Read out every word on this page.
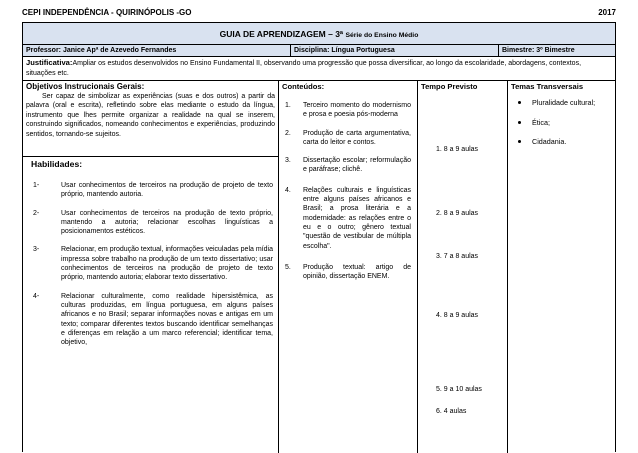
CEPI INDEPENDÊNCIA - QUIRINÓPOLIS -GO	2017
GUIA DE APRENDIZAGEM – 3ª Série do Ensino Médio
Professor: Janice Apª de Azevedo Fernandes	Disciplina: Língua Portuguesa	Bimestre: 3º Bimestre
Justificativa:Ampliar os estudos desenvolvidos no Ensino Fundamental II, observando uma progressão que possa diversificar, ao longo da escolaridade, abordagens, contextos, situações etc.
Objetivos Instrucionais Gerais:
Ser capaz de simbolizar as experiências (suas e dos outros) a partir da palavra (oral e escrita), refletindo sobre elas mediante o estudo da língua, instrumento que lhes permite organizar a realidade na qual se inserem, construindo significados, nomeando conhecimentos e experiências, produzindo sentidos, tornando-se sujeitos.
Habilidades:
1-	Usar conhecimentos de terceiros na produção de projeto de texto próprio, mantendo autoria.
2-	Usar conhecimentos de terceiros na produção de texto próprio, mantendo a autoria; relacionar escolhas linguísticas a posicionamentos estéticos.
3-	Relacionar, em produção textual, informações veiculadas pela mídia impressa sobre trabalho na produção de um texto dissertativo; usar conhecimentos de terceiros na produção de projeto de texto próprio, mantendo autoria; elaborar texto dissertativo.
4-	Relacionar culturalmente, como realidade hipersistêmica, as culturas produzidas, em língua portuguesa, em alguns países africanos e no Brasil; separar informações novas e antigas em um texto; comparar diferentes textos buscando identificar semelhanças e diferenças em relação a um marco referencial; identificar tema, objetivo,
Conteúdos:
1. Terceiro momento do modernismo e prosa e poesia pós-moderna
2. Produção de carta argumentativa, carta do leitor e contos.
3. Dissertação escolar; reformulação e paráfrase; clichê.
4. Relações culturais e linguísticas entre alguns países africanos e Brasil; a prosa literária e a modernidade: as relações entre o eu e o outro; gênero textual "questão de vestibular de múltipla escolha".
5. Produção textual: artigo de opinião, dissertação ENEM.
Tempo Previsto
1. 8 a 9 aulas
2. 8 a 9 aulas
3. 7 a 8 aulas
4. 8 a 9 aulas
5. 9 a 10 aulas
6. 4 aulas
Temas Transversais
Pluralidade cultural;
Ética;
Cidadania.
